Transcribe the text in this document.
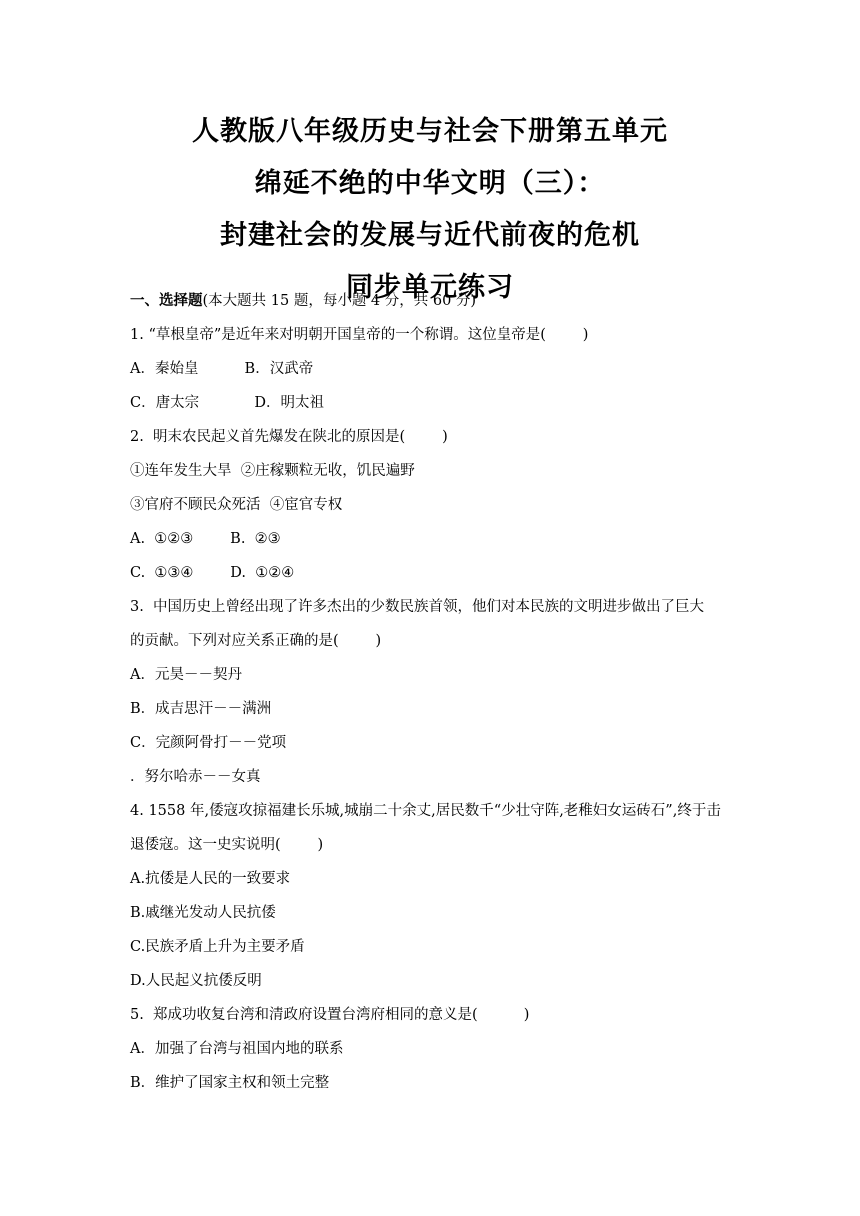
人教版八年级历史与社会下册第五单元
绵延不绝的中华文明（三）：
封建社会的发展与近代前夜的危机
同步单元练习
一、选择题(本大题共 15 题，每小题 4 分，共 60 分)
1. “草根皇帝”是近年来对明朝开国皇帝的一个称谓。这位皇帝是(        )
A．秦始皇          B．汉武帝
C．唐太宗            D．明太祖
2.  明末农民起义首先爆发在陕北的原因是(        )
①连年发生大旱  ②庄稼颗粒无收，饥民遍野
③官府不顾民众死活  ④宦官专权
A.  ①②③        B.  ②③
C.  ①③④        D.  ①②④
3.  中国历史上曾经出现了许多杰出的少数民族首领，他们对本民族的文明进步做出了巨大
的贡献。下列对应关系正确的是(        )
A．元昊－－契丹
B．成吉思汗－－满洲
C．完颜阿骨打－－党项
．努尔哈赤－－女真
4. 1558 年,倭寇攻掠福建长乐城,城崩二十余丈,居民数千“少壮守阵,老稚妇女运砖石”,终于击
退倭寇。这一史实说明(        )
A.抗倭是人民的一致要求
B.戚继光发动人民抗倭
C.民族矛盾上升为主要矛盾
D.人民起义抗倭反明
5.  郑成功收复台湾和清政府设置台湾府相同的意义是(          )
A．加强了台湾与祖国内地的联系
B．维护了国家主权和领土完整
